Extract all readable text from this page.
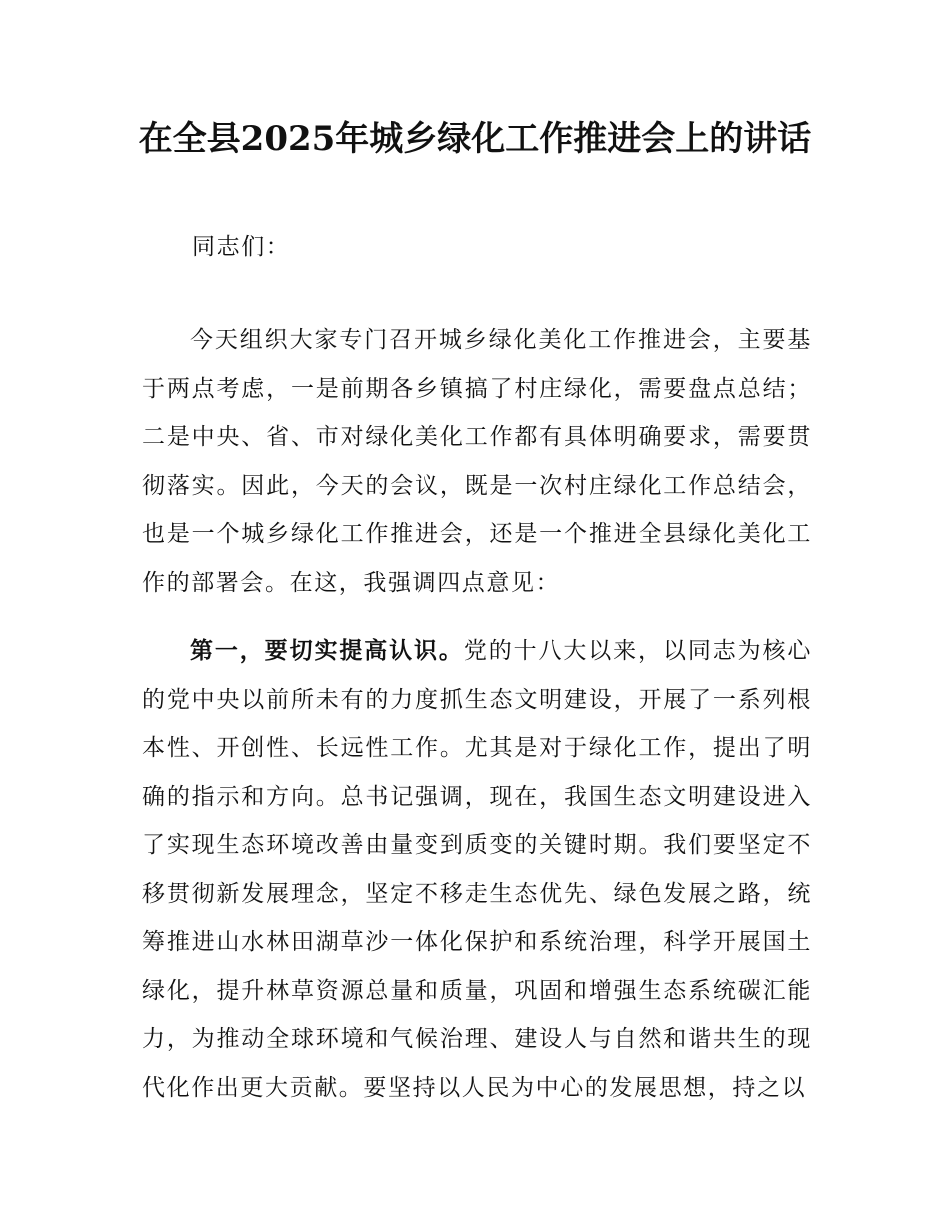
在全县2025年城乡绿化工作推进会上的讲话

同志们：

今天组织大家专门召开城乡绿化美化工作推进会，主要基于两点考虑，一是前期各乡镇搞了村庄绿化，需要盘点总结；二是中央、省、市对绿化美化工作都有具体明确要求，需要贯彻落实。因此，今天的会议，既是一次村庄绿化工作总结会，也是一个城乡绿化工作推进会，还是一个推进全县绿化美化工作的部署会。在这，我强调四点意见：

第一，要切实提高认识。党的十八大以来，以同志为核心的党中央以前所未有的力度抓生态文明建设，开展了一系列根本性、开创性、长远性工作。尤其是对于绿化工作，提出了明确的指示和方向。总书记强调，现在，我国生态文明建设进入了实现生态环境改善由量变到质变的关键时期。我们要坚定不移贯彻新发展理念，坚定不移走生态优先、绿色发展之路，统筹推进山水林田湖草沙一体化保护和系统治理，科学开展国土绿化，提升林草资源总量和质量，巩固和增强生态系统碳汇能力，为推动全球环境和气候治理、建设人与自然和谐共生的现代化作出更大贡献。要坚持以人民为中心的发展思想，持之以
